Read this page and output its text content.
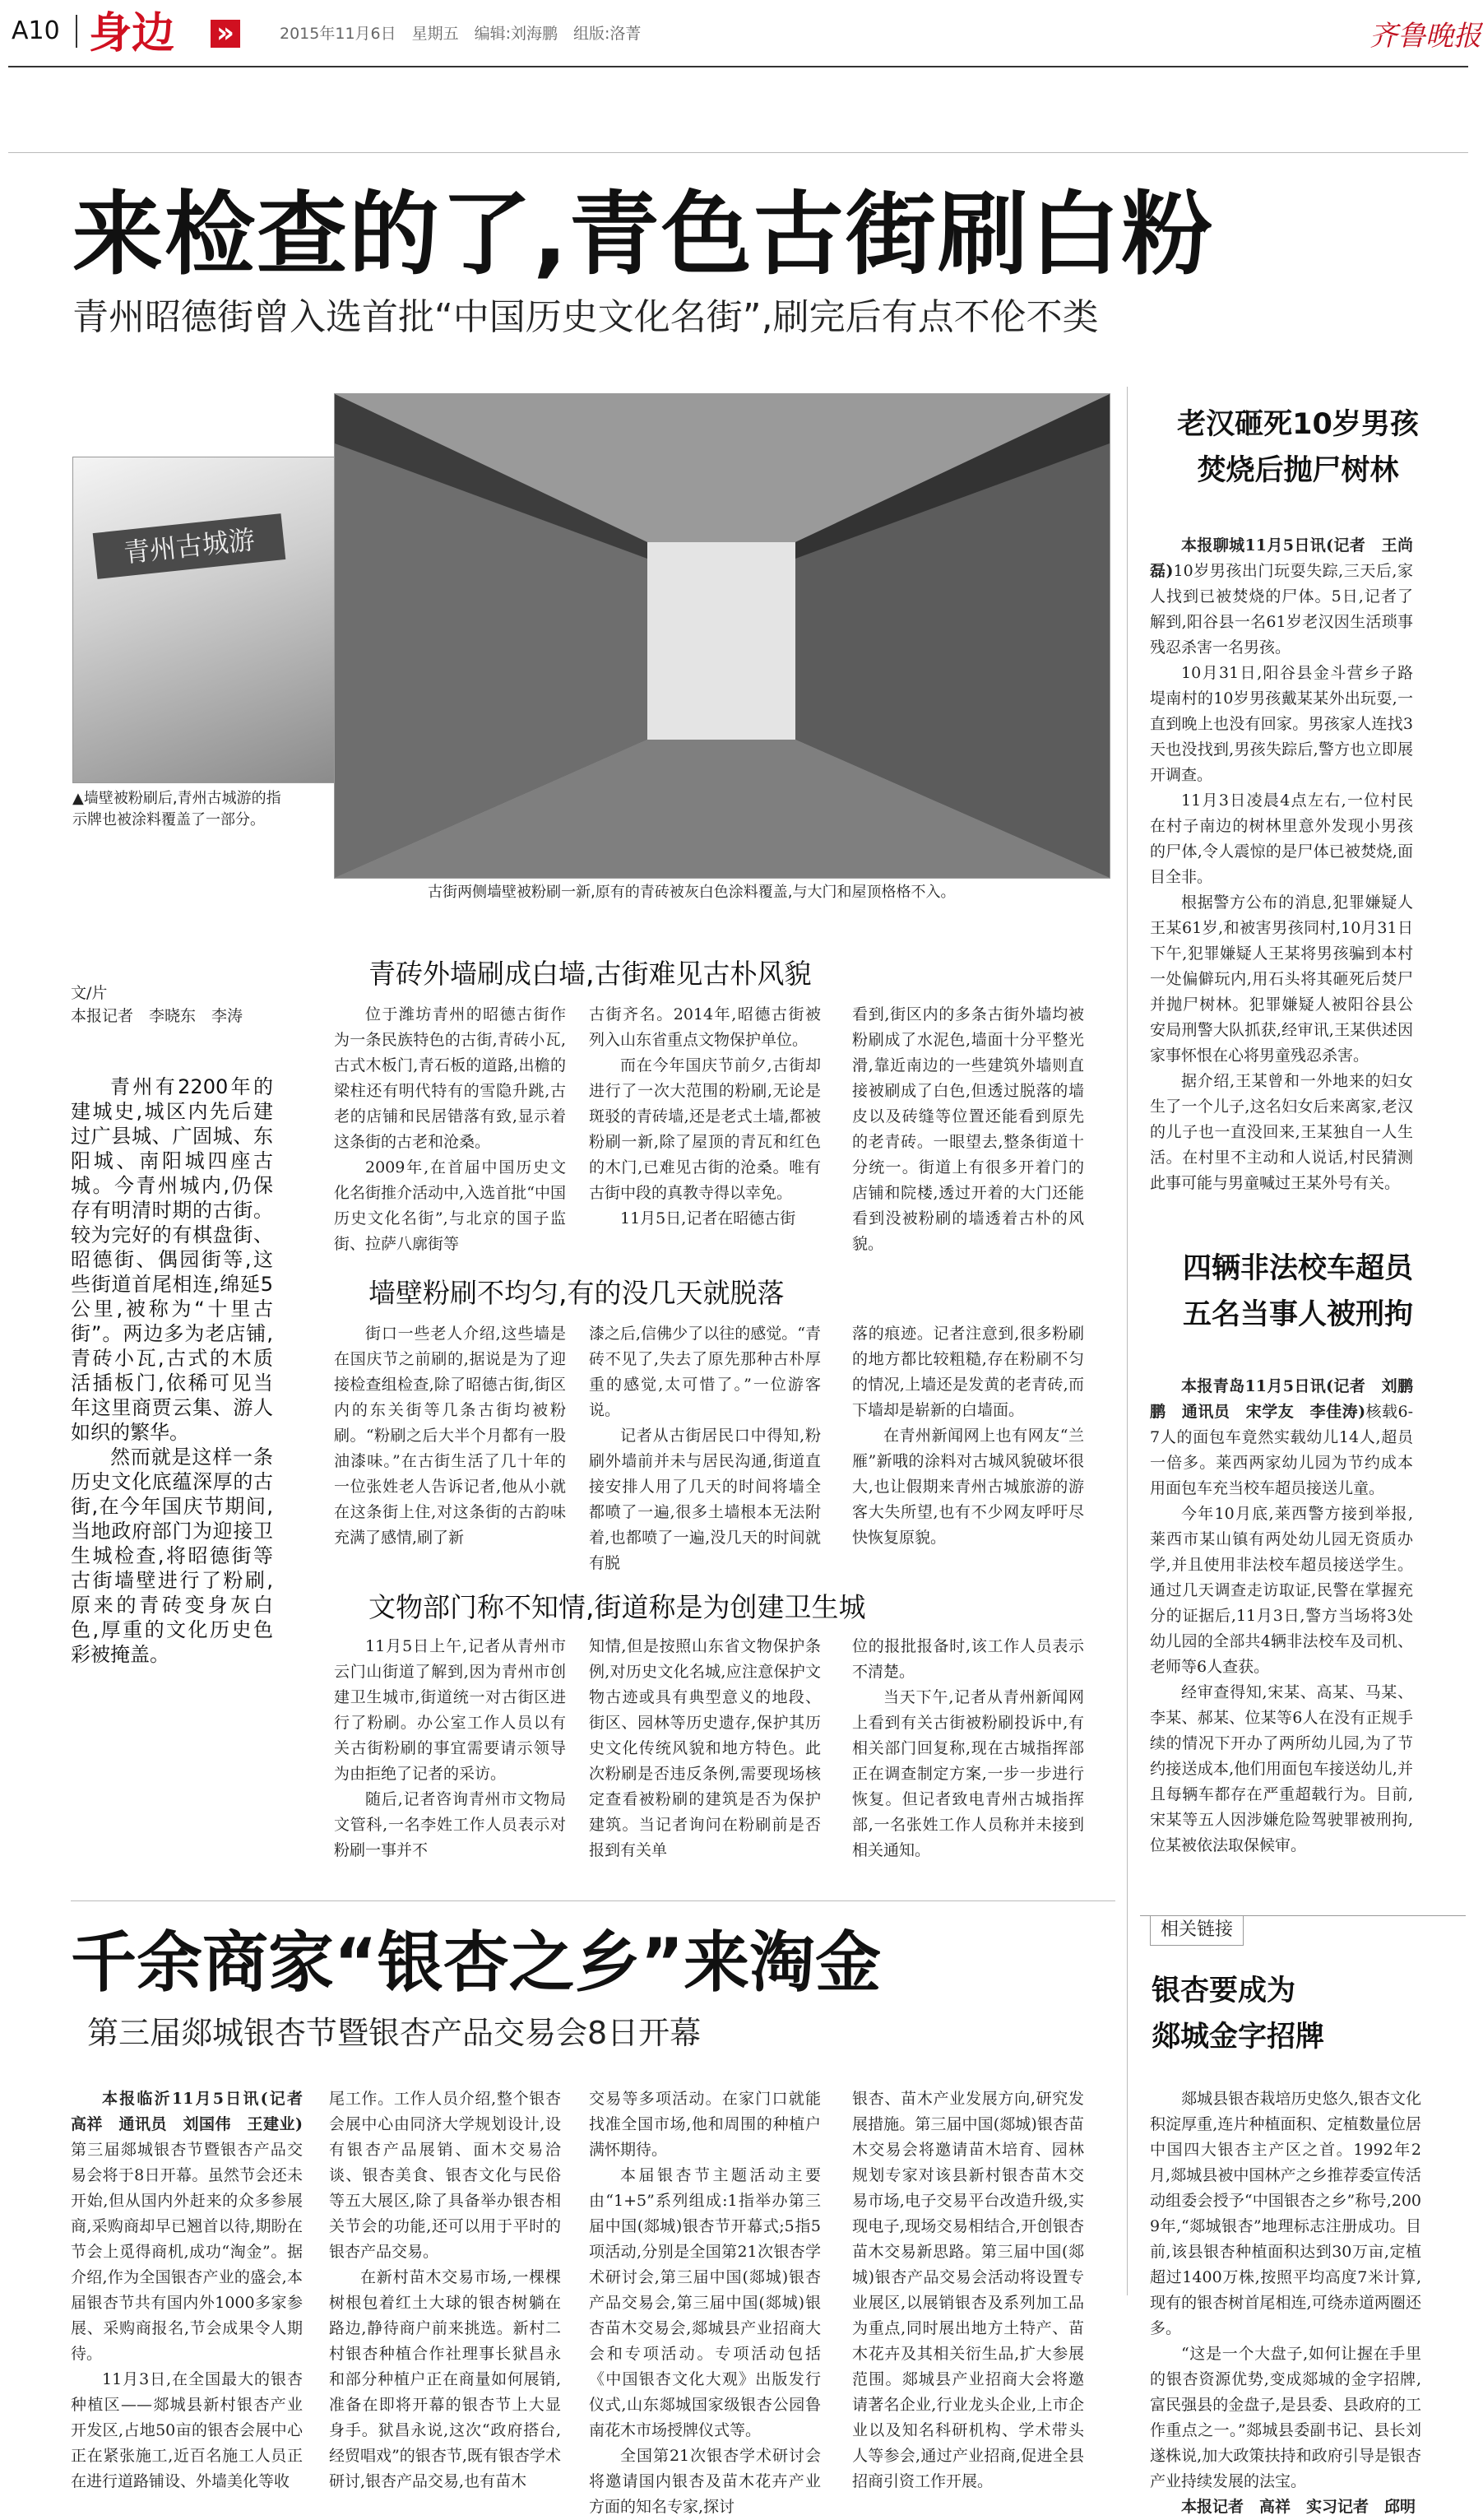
A10 身边 »	2015年11月6日　星期五　编辑:刘海鹏　组版:洛菁	齐鲁晚报
来检查的了,青色古街刷白粉
青州昭德街曾入选首批“中国历史文化名街”,刷完后有点不伦不类
青州古城游
▲墙壁被粉刷后,青州古城游的指示牌也被涂料覆盖了一部分。
古街两侧墙壁被粉刷一新,原有的青砖被灰白色涂料覆盖,与大门和屋顶格格不入。
文/片
本报记者　李晓东　李涛

青州有2200年的建城史,城区内先后建过广县城、广固城、东阳城、南阳城四座古城。今青州城内,仍保存有明清时期的古街。较为完好的有棋盘街、昭德街、偶园街等,这些街道首尾相连,绵延5公里,被称为“十里古街”。两边多为老店铺,青砖小瓦,古式的木质活插板门,依稀可见当年这里商贾云集、游人如织的繁华。

然而就是这样一条历史文化底蕴深厚的古街,在今年国庆节期间,当地政府部门为迎接卫生城检查,将昭德街等古街墙壁进行了粉刷,原来的青砖变身灰白色,厚重的文化历史色彩被掩盖。

青砖外墙刷成白墙,古街难见古朴风貌

位于潍坊青州的昭德古街作为一条民族特色的古街,青砖小瓦,古式木板门,青石板的道路,出檐的梁柱还有明代特有的雪隐升跳,古老的店铺和民居错落有致,显示着这条街的古老和沧桑。

2009年,在首届中国历史文化名街推介活动中,入选首批“中国历史文化名街”,与北京的国子监街、拉萨八廓街等

古街齐名。2014年,昭德古街被列入山东省重点文物保护单位。

而在今年国庆节前夕,古街却进行了一次大范围的粉刷,无论是斑驳的青砖墙,还是老式土墙,都被粉刷一新,除了屋顶的青瓦和红色的木门,已难见古街的沧桑。唯有古街中段的真教寺得以幸免。

11月5日,记者在昭德古街

看到,街区内的多条古街外墙均被粉刷成了水泥色,墙面十分平整光滑,靠近南边的一些建筑外墙则直接被刷成了白色,但透过脱落的墙皮以及砖缝等位置还能看到原先的老青砖。一眼望去,整条街道十分统一。街道上有很多开着门的店铺和院楼,透过开着的大门还能看到没被粉刷的墙透着古朴的风貌。

墙壁粉刷不均匀,有的没几天就脱落

街口一些老人介绍,这些墙是在国庆节之前刷的,据说是为了迎接检查组检查,除了昭德古街,街区内的东关街等几条古街均被粉刷。“粉刷之后大半个月都有一股油漆味。”在古街生活了几十年的一位张姓老人告诉记者,他从小就在这条街上住,对这条街的古韵味充满了感情,刷了新

漆之后,信佛少了以往的感觉。“青砖不见了,失去了原先那种古朴厚重的感觉,太可惜了。”一位游客说。

记者从古街居民口中得知,粉刷外墙前并未与居民沟通,街道直接安排人用了几天的时间将墙全都喷了一遍,很多土墙根本无法附着,也都喷了一遍,没几天的时间就有脱

落的痕迹。记者注意到,很多粉刷的地方都比较粗糙,存在粉刷不匀的情况,上墙还是发黄的老青砖,而下墙却是崭新的白墙面。

在青州新闻网上也有网友“兰雁”新哦的涂料对古城风貌破坏很大,也让假期来青州古城旅游的游客大失所望,也有不少网友呼吁尽快恢复原貌。

文物部门称不知情,街道称是为创建卫生城

11月5日上午,记者从青州市云门山街道了解到,因为青州市创建卫生城市,街道统一对古街区进行了粉刷。办公室工作人员以有关古街粉刷的事宜需要请示领导为由拒绝了记者的采访。

随后,记者咨询青州市文物局文管科,一名李姓工作人员表示对粉刷一事并不

知情,但是按照山东省文物保护条例,对历史文化名城,应注意保护文物古迹或具有典型意义的地段、街区、园林等历史遗存,保护其历史文化传统风貌和地方特色。此次粉刷是否违反条例,需要现场核定查看被粉刷的建筑是否为保护建筑。当记者询问在粉刷前是否报到有关单

位的报批报备时,该工作人员表示不清楚。

当天下午,记者从青州新闻网上看到有关古街被粉刷投诉中,有相关部门回复称,现在古城指挥部正在调查制定方案,一步一步进行恢复。但记者致电青州古城指挥部,一名张姓工作人员称并未接到相关通知。

老汉砸死10岁男孩
焚烧后抛尸树林

本报聊城11月5日讯(记者　王尚磊)10岁男孩出门玩耍失踪,三天后,家人找到已被焚烧的尸体。5日,记者了解到,阳谷县一名61岁老汉因生活琐事残忍杀害一名男孩。

10月31日,阳谷县金斗营乡子路堤南村的10岁男孩戴某某外出玩耍,一直到晚上也没有回家。男孩家人连找3天也没找到,男孩失踪后,警方也立即展开调查。

11月3日凌晨4点左右,一位村民在村子南边的树林里意外发现小男孩的尸体,令人震惊的是尸体已被焚烧,面目全非。

根据警方公布的消息,犯罪嫌疑人王某61岁,和被害男孩同村,10月31日下午,犯罪嫌疑人王某将男孩骗到本村一处偏僻玩内,用石头将其砸死后焚尸并抛尸树林。犯罪嫌疑人被阳谷县公安局刑警大队抓获,经审讯,王某供述因家事怀恨在心将男童残忍杀害。

据介绍,王某曾和一外地来的妇女生了一个儿子,这名妇女后来离家,老汉的儿子也一直没回来,王某独自一人生活。在村里不主动和人说话,村民猜测此事可能与男童喊过王某外号有关。

四辆非法校车超员
五名当事人被刑拘

本报青岛11月5日讯(记者　刘鹏鹏　通讯员　宋学友　李佳涛)核载6-7人的面包车竟然实载幼儿14人,超员一倍多。莱西两家幼儿园为节约成本用面包车充当校车超员接送儿童。

今年10月底,莱西警方接到举报,莱西市某山镇有两处幼儿园无资质办学,并且使用非法校车超员接送学生。通过几天调查走访取证,民警在掌握充分的证据后,11月3日,警方当场将3处幼儿园的全部共4辆非法校车及司机、老师等6人查获。

经审查得知,宋某、高某、马某、李某、郝某、位某等6人在没有正规手续的情况下开办了两所幼儿园,为了节约接送成本,他们用面包车接送幼儿,并且每辆车都存在严重超载行为。目前,宋某等五人因涉嫌危险驾驶罪被刑拘,位某被依法取保候审。

相关链接
银杏要成为
郯城金字招牌

郯城县银杏栽培历史悠久,银杏文化积淀厚重,连片种植面积、定植数量位居中国四大银杏主产区之首。1992年2月,郯城县被中国林产之乡推荐委宣传活动组委会授予“中国银杏之乡”称号,2009年,“郯城银杏”地理标志注册成功。目前,该县银杏种植面积达到30万亩,定植超过1400万株,按照平均高度7米计算,现有的银杏树首尾相连,可绕赤道两圈还多。

“这是一个大盘子,如何让握在手里的银杏资源优势,变成郯城的金字招牌,富民强县的金盘子,是县委、县政府的工作重点之一。”郯城县委副书记、县长刘遂株说,加大政策扶持和政府引导是银杏产业持续发展的法宝。

本报记者　高祥　实习记者　邱明

千余商家“银杏之乡”来淘金
第三届郯城银杏节暨银杏产品交易会8日开幕

本报临沂11月5日讯(记者　高祥　通讯员　刘国伟　王建业)第三届郯城银杏节暨银杏产品交易会将于8日开幕。虽然节会还未开始,但从国内外赶来的众多参展商,采购商却早已翘首以待,期盼在节会上觅得商机,成功“淘金”。据介绍,作为全国银杏产业的盛会,本届银杏节共有国内外1000多家参展、采购商报名,节会成果令人期待。

11月3日,在全国最大的银杏种植区——郯城县新村银杏产业开发区,占地50亩的银杏会展中心正在紧张施工,近百名施工人员正在进行道路铺设、外墙美化等收

尾工作。工作人员介绍,整个银杏会展中心由同济大学规划设计,设有银杏产品展销、面木交易洽谈、银杏美食、银杏文化与民俗等五大展区,除了具备举办银杏相关节会的功能,还可以用于平时的银杏产品交易。

在新村苗木交易市场,一棵棵树根包着红土大球的银杏树躺在路边,静待商户前来挑选。新村二村银杏种植合作社理事长狱昌永和部分种植户正在商量如何展销,准备在即将开幕的银杏节上大显身手。狱昌永说,这次“政府搭台,经贸唱戏”的银杏节,既有银杏学术研讨,银杏产品交易,也有苗木

交易等多项活动。在家门口就能找准全国市场,他和周围的种植户满怀期待。

本届银杏节主题活动主要由“1+5”系列组成:1指举办第三届中国(郯城)银杏节开幕式;5指5项活动,分别是全国第21次银杏学术研讨会,第三届中国(郯城)银杏产品交易会,第三届中国(郯城)银杏苗木交易会,郯城县产业招商大会和专项活动。专项活动包括《中国银杏文化大观》出版发行仪式,山东郯城国家级银杏公园鲁南花木市场授牌仪式等。

全国第21次银杏学术研讨会将邀请国内银杏及苗木花卉产业方面的知名专家,探讨

银杏、苗木产业发展方向,研究发展措施。第三届中国(郯城)银杏苗木交易会将邀请苗木培育、园林规划专家对该县新村银杏苗木交易市场,电子交易平台改造升级,实现电子,现场交易相结合,开创银杏苗木交易新思路。第三届中国(郯城)银杏产品交易会活动将设置专业展区,以展销银杏及系列加工品为重点,同时展出地方土特产、苗木花卉及其相关衍生品,扩大参展范围。郯城县产业招商大会将邀请著名企业,行业龙头企业,上市企业以及知名科研机构、学术带头人等参会,通过产业招商,促进全县招商引资工作开展。
